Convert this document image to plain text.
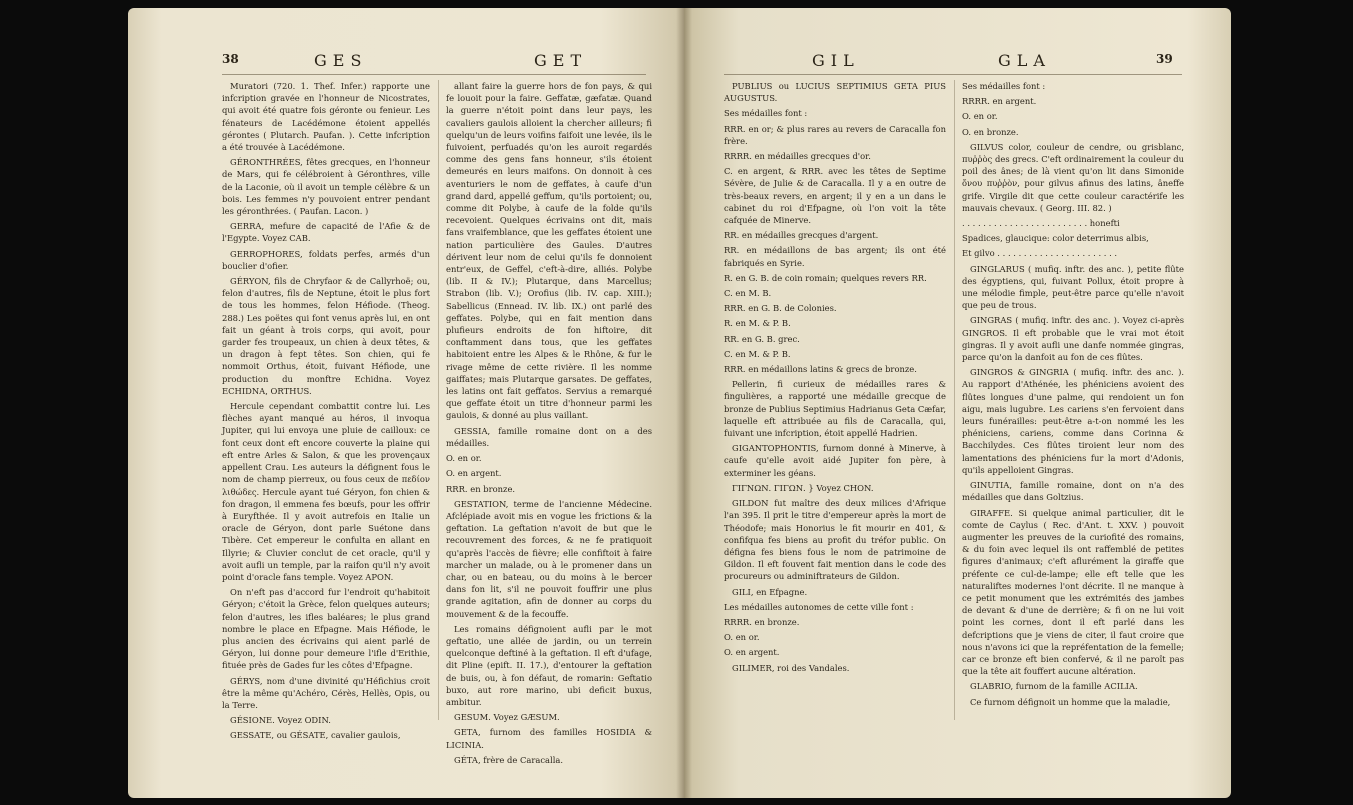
38	GES	GET

Muratori (720. 1. Thef. Infer.) rapporte une infcription gravée en l'honneur de Nicostrates, qui avoit été quatre fois géronte ou fenieur. Les fénateurs de Lacédémone étoient appellés gérontes ( Plutarch. Paufan. ). Cette infcription a été trouvée à Lacédémone.

GÉRONTHRÉES, fêtes grecques, en l'honneur de Mars, qui fe célébroient à Géronthres, ville de la Laconie, où il avoit un temple célèbre & un bois. Les femmes n'y pouvoient entrer pendant les géronthrées. ( Paufan. Lacon. )

GERRA, mefure de capacité de l'Afie & de l'Egypte. Voyez CAB.

GERROPHORES, foldats perfes, armés d'un bouclier d'ofier.

GÉRYON, fils de Chryfaor & de Callyrhoë; ou, felon d'autres, fils de Neptune, étoit le plus fort de tous les hommes, felon Héfiode. (Theog. 288.) Les poëtes qui font venus après lui, en ont fait un géant à trois corps, qui avoit, pour garder fes troupeaux, un chien à deux têtes, & un dragon à fept têtes. Son chien, qui fe nommoit Orthus, étoit, fuivant Héfiode, une production du monftre Echidna. Voyez ECHIDNA, ORTHUS.

Hercule cependant combattit contre lui. Les flèches ayant manqué au héros, il invoqua Jupiter, qui lui envoya une pluie de cailloux: ce font ceux dont eft encore couverte la plaine qui eft entre Arles & Salon, & que les provençaux appellent Crau. Les auteurs la défignent fous le nom de champ pierreux, ou fous ceux de πεδίον λιθώδες. Hercule ayant tué Géryon, fon chien & fon dragon, il emmena fes bœufs, pour les offrir à Euryfthée. Il y avoit autrefois en Italie un oracle de Géryon, dont parle Suétone dans Tibère. Cet empereur le confulta en allant en Illyrie; & Cluvier conclut de cet oracle, qu'il y avoit aufli un temple, par la raifon qu'il n'y avoit point d'oracle fans temple. Voyez APON.

On n'eft pas d'accord fur l'endroit qu'habitoit Géryon; c'étoit la Grèce, felon quelques auteurs; felon d'autres, les ifles baléares; le plus grand nombre le place en Efpagne. Mais Héfiode, le plus ancien des écrivains qui aient parlé de Géryon, lui donne pour demeure l'ifle d'Erithie, fituée près de Gades fur les côtes d'Efpagne.

GÉRYS, nom d'une divinité qu'Héfichius croit être la même qu'Achéro, Cérès, Hellès, Opis, ou la Terre.

GÉSIONE. Voyez ODIN.

GESSATE, ou GÉSATE, cavalier gaulois,

allant faire la guerre hors de fon pays, & qui fe louoit pour la faire. Geffatæ, gæfatæ. Quand la guerre n'étoit point dans leur pays, les cavaliers gaulois alloient la chercher ailleurs; fi quelqu'un de leurs voifins faifoit une levée, ils le fuivoient, perfuadés qu'on les auroit regardés comme des gens fans honneur, s'ils étoient demeurés en leurs maifons. On donnoit à ces aventuriers le nom de geffates, à caufe d'un grand dard, appellé geffum, qu'ils portoient; ou, comme dit Polybe, à caufe de la folde qu'ils recevoient. Quelques écrivains ont dit, mais fans vraifemblance, que les geffates étoient une nation particulière des Gaules. D'autres dérivent leur nom de celui qu'ils fe donnoient entr'eux, de Geffel, c'eft-à-dire, alliés. Polybe (lib. II & IV.); Plutarque, dans Marcellus; Strabon (lib. V.); Orofius (lib. IV. cap. XIII.); Sabellicus (Ennead. IV. lib. IX.) ont parlé des geffates. Polybe, qui en fait mention dans plufieurs endroits de fon hiftoire, dit conftamment dans tous, que les geffates habitoient entre les Alpes & le Rhône, & fur le rivage même de cette rivière. Il les nomme gaiffates; mais Plutarque garsates. De geffates, les latins ont fait geffatos. Servius a remarqué que geffate étoit un titre d'honneur parmi les gaulois, & donné au plus vaillant.

GESSIA, famille romaine dont on a des médailles.

O. en or.

O. en argent.

RRR. en bronze.

GESTATION, terme de l'ancienne Médecine. Afclépiade avoit mis en vogue les frictions & la geftation. La geftation n'avoit de but que le recouvrement des forces, & ne fe pratiquoit qu'après l'accès de fièvre; elle confiftoit à faire marcher un malade, ou à le promener dans un char, ou en bateau, ou du moins à le bercer dans fon lit, s'il ne pouvoit fouffrir une plus grande agitation, afin de donner au corps du mouvement & de la fecouffe.

Les romains défignoient aufli par le mot geftatio, une allée de jardin, ou un terrein quelconque deftiné à la geftation. Il eft d'ufage, dit Pline (epift. II. 17.), d'entourer la geftation de buis, ou, à fon défaut, de romarin: Geftatio buxo, aut rore marino, ubi deficit buxus, ambitur.

GESUM. Voyez GÆSUM.

GETA, furnom des familles HOSIDIA & LICINIA.

GÉTA, frère de Caracalla.

GIL	GLA	39

PUBLIUS ou LUCIUS SEPTIMIUS GETA PIUS AUGUSTUS.

Ses médailles font :

RRR. en or; & plus rares au revers de Caracalla fon frère.

RRRR. en médailles grecques d'or.

C. en argent, & RRR. avec les têtes de Septime Sévère, de Julie & de Caracalla. Il y a en outre de très-beaux revers, en argent; il y en a un dans le cabinet du roi d'Efpagne, où l'on voit la tête cafquée de Minerve.

RR. en médailles grecques d'argent.

RR. en médaillons de bas argent; ils ont été fabriqués en Syrie.

R. en G. B. de coin romain; quelques revers RR.

C. en M. B.

RRR. en G. B. de Colonies.

R. en M. & P. B.

RR. en G. B. grec.

C. en M. & P. B.

RRR. en médaillons latins & grecs de bronze.

Pellerin, fi curieux de médailles rares & fingulières, a rapporté une médaille grecque de bronze de Publius Septimius Hadrianus Geta Cæfar, laquelle eft attribuée au fils de Caracalla, qui, fuivant une infcription, étoit appellé Hadrien.

GIGANTOPHONTIS, furnom donné à Minerve, à caufe qu'elle avoit aidé Jupiter fon père, à exterminer les géans.

ΓΙΓΝΩΝ. ΓΙΓΩΝ. } Voyez CHON.

GILDON fut maître des deux milices d'Afrique l'an 395. Il prit le titre d'empereur après la mort de Théodofe; mais Honorius le fit mourir en 401, & confifqua fes biens au profit du tréfor public. On défigna fes biens fous le nom de patrimoine de Gildon. Il eft fouvent fait mention dans le code des procureurs ou adminiftrateurs de Gildon.

GILI, en Efpagne.

Les médailles autonomes de cette ville font :

RRRR. en bronze.

O. en or.

O. en argent.

GILIMER, roi des Vandales.

Ses médailles font :

RRRR. en argent.

O. en or.

O. en bronze.

GILVUS color, couleur de cendre, ou grisblanc, πυῤῥὸς des grecs. C'eft ordinairement la couleur du poil des ânes; de là vient qu'on lit dans Simonide ὄνου πυῤῥὸν, pour gilvus afinus des latins, âneffe grife. Virgile dit que cette couleur caractérife les mauvais chevaux. ( Georg. III. 82. )

. . . . . . . . . . . . . . . . . . . . . . . . honefti

Spadices, glaucique: color deterrimus albis,

Et gilvo . . . . . . . . . . . . . . . . . . . . . . .

GINGLARUS ( mufiq. inftr. des anc. ), petite flûte des égyptiens, qui, fuivant Pollux, étoit propre à une mélodie fimple, peut-être parce qu'elle n'avoit que peu de trous.

GINGRAS ( mufiq. inftr. des anc. ). Voyez ci-après GINGROS. Il eft probable que le vrai mot étoit gingras. Il y avoit aufli une danfe nommée gingras, parce qu'on la danfoit au fon de ces flûtes.

GINGROS & GINGRIA ( mufiq. inftr. des anc. ). Au rapport d'Athénée, les phéniciens avoient des flûtes longues d'une palme, qui rendoient un fon aigu, mais lugubre. Les cariens s'en fervoient dans leurs funérailles: peut-être a-t-on nommé les les phéniciens, cariens, comme dans Corinna & Bacchilydes. Ces flûtes tiroient leur nom des lamentations des phéniciens fur la mort d'Adonis, qu'ils appelloient Gingras.

GINUTIA, famille romaine, dont on n'a des médailles que dans Goltzius.

GIRAFFE. Si quelque animal particulier, dit le comte de Caylus ( Rec. d'Ant. t. XXV. ) pouvoit augmenter les preuves de la curiofité des romains, & du foin avec lequel ils ont raffemblé de petites figures d'animaux; c'eft aflurément la giraffe que préfente ce cul-de-lampe; elle eft telle que les naturaliftes modernes l'ont décrite. Il ne manque à ce petit monument que les extrémités des jambes de devant & d'une de derrière; & fi on ne lui voit point les cornes, dont il eft parlé dans les defcriptions que je viens de citer, il faut croire que nous n'avons ici que la repréfentation de la femelle; car ce bronze eft bien confervé, & il ne paroît pas que la tête ait fouffert aucune altération.

GLABRIO, furnom de la famille ACILIA.

Ce furnom défignoit un homme que la maladie,
